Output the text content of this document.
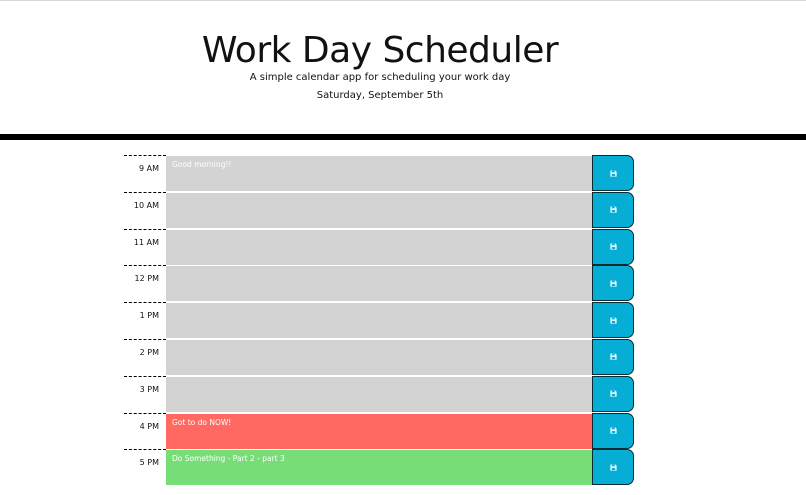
Work Day Scheduler
A simple calendar app for scheduling your work day
Saturday, September 5th
9 AM
Good morning!!
10 AM
11 AM
12 PM
1 PM
2 PM
3 PM
4 PM
Got to do NOW!
5 PM
Do Something - Part 2 - part 3
